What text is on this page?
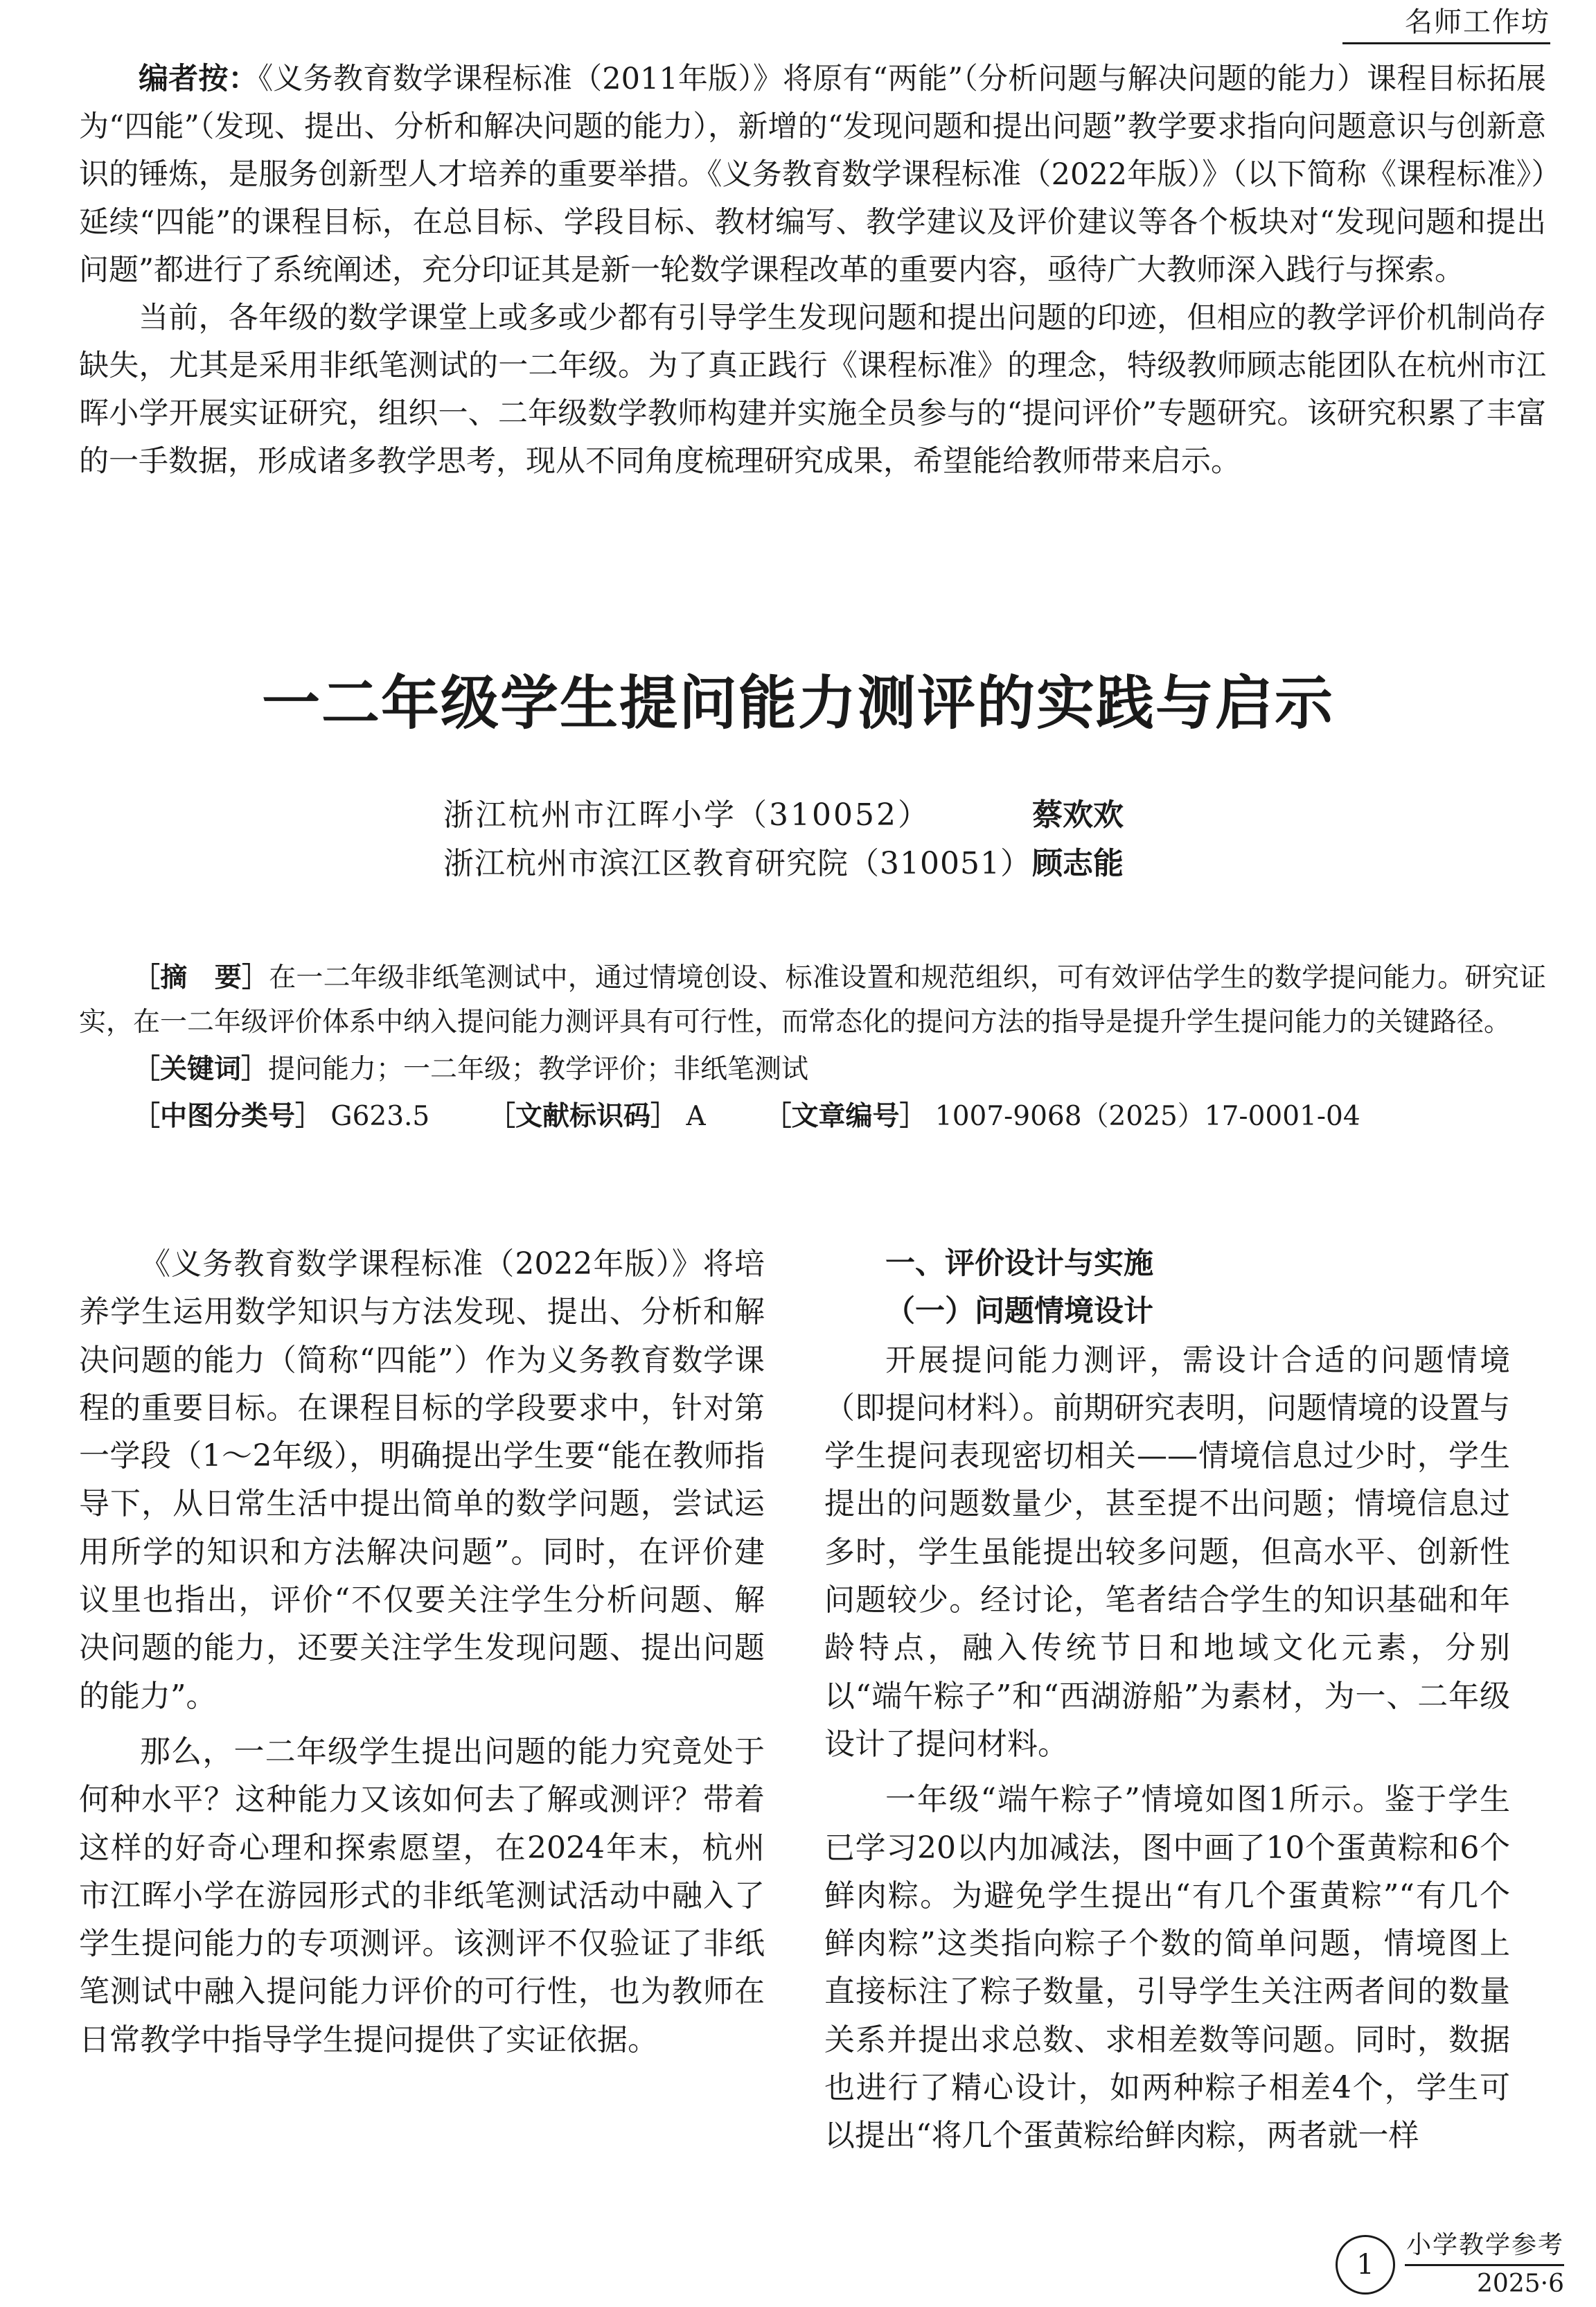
名师工作坊

编者按：《义务教育数学课程标准（2011年版）》将原有“两能”（分析问题与解决问题的能力）课程目标拓展为“四能”（发现、提出、分析和解决问题的能力），新增的“发现问题和提出问题”教学要求指向问题意识与创新意识的锤炼，是服务创新型人才培养的重要举措。《义务教育数学课程标准（2022年版）》（以下简称《课程标准》）延续“四能”的课程目标，在总目标、学段目标、教材编写、教学建议及评价建议等各个板块对“发现问题和提出问题”都进行了系统阐述，充分印证其是新一轮数学课程改革的重要内容，亟待广大教师深入践行与探索。

当前，各年级的数学课堂上或多或少都有引导学生发现问题和提出问题的印迹，但相应的教学评价机制尚存缺失，尤其是采用非纸笔测试的一二年级。为了真正践行《课程标准》的理念，特级教师顾志能团队在杭州市江晖小学开展实证研究，组织一、二年级数学教师构建并实施全员参与的“提问评价”专题研究。该研究积累了丰富的一手数据，形成诸多教学思考，现从不同角度梳理研究成果，希望能给教师带来启示。

一二年级学生提问能力测评的实践与启示
浙江杭州市江晖小学（310052）	蔡欢欢
浙江杭州市滨江区教育研究院（310051）顾志能

［摘　要］在一二年级非纸笔测试中，通过情境创设、标准设置和规范组织，可有效评估学生的数学提问能力。研究证实，在一二年级评价体系中纳入提问能力测评具有可行性，而常态化的提问方法的指导是提升学生提问能力的关键路径。

［关键词］提问能力；一二年级；教学评价；非纸笔测试

［中图分类号］ G623.5 ［文献标识码］ A ［文章编号］ 1007-9068（2025）17-0001-04

《义务教育数学课程标准（2022年版）》将培养学生运用数学知识与方法发现、提出、分析和解决问题的能力（简称“四能”）作为义务教育数学课程的重要目标。在课程目标的学段要求中，针对第一学段（1～2年级），明确提出学生要“能在教师指导下，从日常生活中提出简单的数学问题，尝试运用所学的知识和方法解决问题”。同时，在评价建议里也指出，评价“不仅要关注学生分析问题、解决问题的能力，还要关注学生发现问题、提出问题的能力”。

那么，一二年级学生提出问题的能力究竟处于何种水平？这种能力又该如何去了解或测评？带着这样的好奇心理和探索愿望，在2024年末，杭州市江晖小学在游园形式的非纸笔测试活动中融入了学生提问能力的专项测评。该测评不仅验证了非纸笔测试中融入提问能力评价的可行性，也为教师在日常教学中指导学生提问提供了实证依据。

一、评价设计与实施
（一）问题情境设计

开展提问能力测评，需设计合适的问题情境（即提问材料）。前期研究表明，问题情境的设置与学生提问表现密切相关——情境信息过少时，学生提出的问题数量少，甚至提不出问题；情境信息过多时，学生虽能提出较多问题，但高水平、创新性问题较少。经讨论，笔者结合学生的知识基础和年龄特点，融入传统节日和地域文化元素，分别以“端午粽子”和“西湖游船”为素材，为一、二年级设计了提问材料。

一年级“端午粽子”情境如图1所示。鉴于学生已学习20以内加减法，图中画了10个蛋黄粽和6个鲜肉粽。为避免学生提出“有几个蛋黄粽”“有几个鲜肉粽”这类指向粽子个数的简单问题，情境图上直接标注了粽子数量，引导学生关注两者间的数量关系并提出求总数、求相差数等问题。同时，数据也进行了精心设计，如两种粽子相差4个，学生可以提出“将几个蛋黄粽给鲜肉粽，两者就一样

1
小学教学参考
2025·6
